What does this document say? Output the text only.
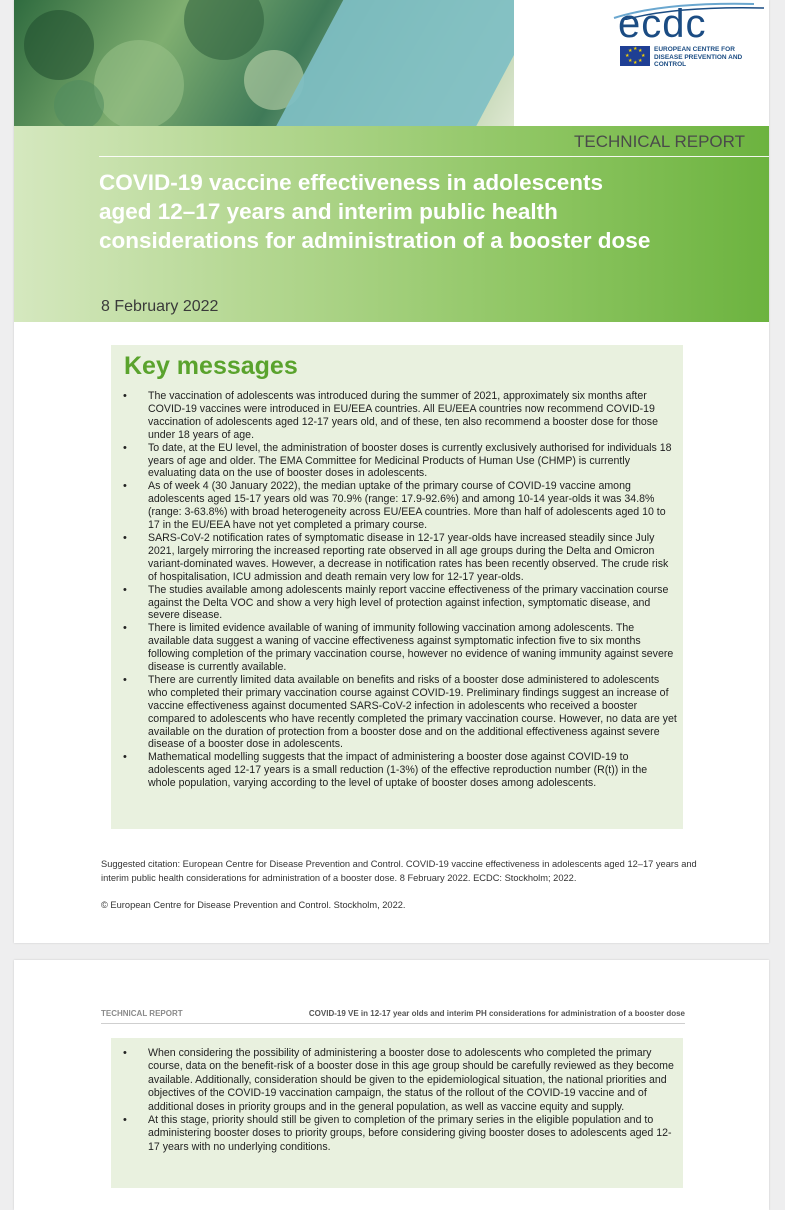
ecdc
★ ★
★
★
★
★
★
★	EUROPEAN CENTRE FOR DISEASE PREVENTION AND CONTROL
TECHNICAL REPORT
COVID-19 vaccine effectiveness in adolescents aged 12–17 years and interim public health considerations for administration of a booster dose
8 February 2022
Key messages
• The vaccination of adolescents was introduced during the summer of 2021, approximately six months after COVID-19 vaccines were introduced in EU/EEA countries. All EU/EEA countries now recommend COVID-19 vaccination of adolescents aged 12-17 years old, and of these, ten also recommend a booster dose for those under 18 years of age.
• To date, at the EU level, the administration of booster doses is currently exclusively authorised for individuals 18 years of age and older. The EMA Committee for Medicinal Products of Human Use (CHMP) is currently evaluating data on the use of booster doses in adolescents.
• As of week 4 (30 January 2022), the median uptake of the primary course of COVID-19 vaccine among adolescents aged 15-17 years old was 70.9% (range: 17.9-92.6%) and among 10-14 year-olds it was 34.8% (range: 3-63.8%) with broad heterogeneity across EU/EEA countries. More than half of adolescents aged 10 to 17 in the EU/EEA have not yet completed a primary course.
• SARS-CoV-2 notification rates of symptomatic disease in 12-17 year-olds have increased steadily since July 2021, largely mirroring the increased reporting rate observed in all age groups during the Delta and Omicron variant-dominated waves. However, a decrease in notification rates has been recently observed. The crude risk of hospitalisation, ICU admission and death remain very low for 12-17 year-olds.
• The studies available among adolescents mainly report vaccine effectiveness of the primary vaccination course against the Delta VOC and show a very high level of protection against infection, symptomatic disease, and severe disease.
• There is limited evidence available of waning of immunity following vaccination among adolescents. The available data suggest a waning of vaccine effectiveness against symptomatic infection five to six months following completion of the primary vaccination course, however no evidence of waning immunity against severe disease is currently available.
• There are currently limited data available on benefits and risks of a booster dose administered to adolescents who completed their primary vaccination course against COVID-19. Preliminary findings suggest an increase of vaccine effectiveness against documented SARS-CoV-2 infection in adolescents who received a booster compared to adolescents who have recently completed the primary vaccination course. However, no data are yet available on the duration of protection from a booster dose and on the additional effectiveness against severe disease of a booster dose in adolescents.
• Mathematical modelling suggests that the impact of administering a booster dose against COVID-19 to adolescents aged 12-17 years is a small reduction (1-3%) of the effective reproduction number (R(t)) in the whole population, varying according to the level of uptake of booster doses among adolescents.
Suggested citation: European Centre for Disease Prevention and Control. COVID-19 vaccine effectiveness in adolescents aged 12–17 years and interim public health considerations for administration of a booster dose. 8 February 2022. ECDC: Stockholm; 2022.
© European Centre for Disease Prevention and Control. Stockholm, 2022.
TECHNICAL REPORT	COVID-19 VE in 12-17 year olds and interim PH considerations for administration of a booster dose
• When considering the possibility of administering a booster dose to adolescents who completed the primary course, data on the benefit-risk of a booster dose in this age group should be carefully reviewed as they become available. Additionally, consideration should be given to the epidemiological situation, the national priorities and objectives of the COVID-19 vaccination campaign, the status of the rollout of the COVID-19 vaccine and of additional doses in priority groups and in the general population, as well as vaccine equity and supply.
• At this stage, priority should still be given to completion of the primary series in the eligible population and to administering booster doses to priority groups, before considering giving booster doses to adolescents aged 12-17 years with no underlying conditions.
